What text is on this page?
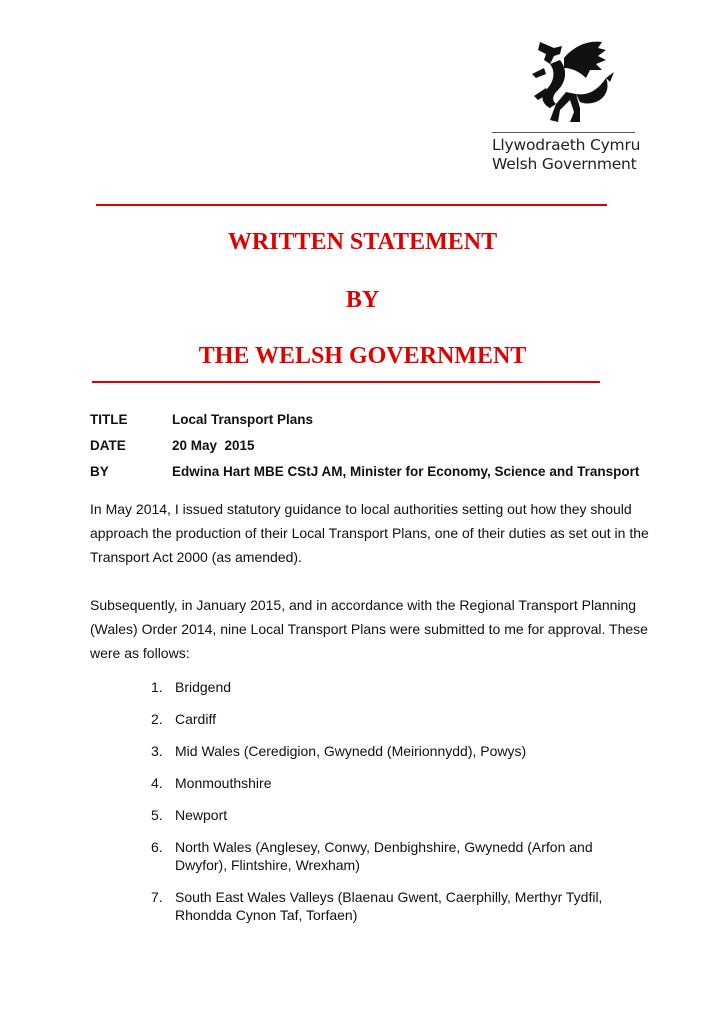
Llywodraeth Cymru
Welsh Government
WRITTEN STATEMENT
BY
THE WELSH GOVERNMENT
TITLE	Local Transport Plans
DATE	20 May  2015
BY	Edwina Hart MBE CStJ AM, Minister for Economy, Science and Transport
In May 2014, I issued statutory guidance to local authorities setting out how they should approach the production of their Local Transport Plans, one of their duties as set out in the Transport Act 2000 (as amended).
Subsequently, in January 2015, and in accordance with the Regional Transport Planning (Wales) Order 2014, nine Local Transport Plans were submitted to me for approval. These were as follows:
1. Bridgend
2. Cardiff
3. Mid Wales (Ceredigion, Gwynedd (Meirionnydd), Powys)
4. Monmouthshire
5. Newport
6. North Wales (Anglesey, Conwy, Denbighshire, Gwynedd (Arfon and Dwyfor), Flintshire, Wrexham)
7. South East Wales Valleys (Blaenau Gwent, Caerphilly, Merthyr Tydfil, Rhondda Cynon Taf, Torfaen)
